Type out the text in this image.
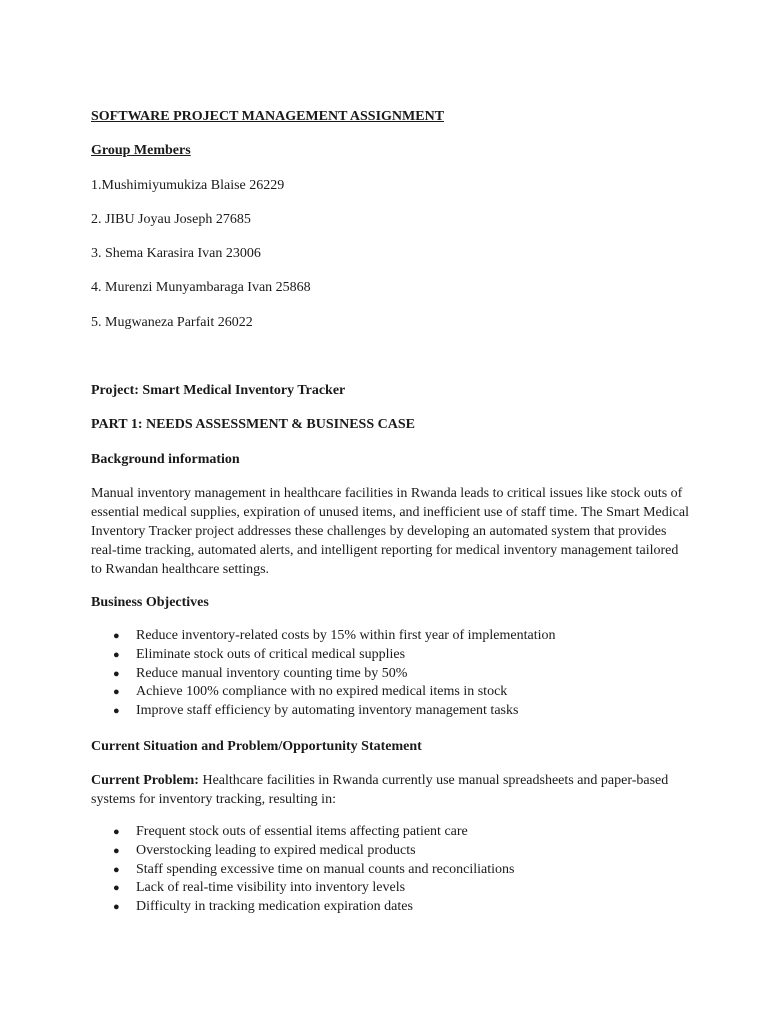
SOFTWARE PROJECT MANAGEMENT ASSIGNMENT

Group Members

1.Mushimiyumukiza Blaise 26229

2. JIBU Joyau Joseph 27685

3. Shema Karasira Ivan 23006

4. Murenzi Munyambaraga Ivan 25868

5. Mugwaneza Parfait 26022

Project: Smart Medical Inventory Tracker

PART 1: NEEDS ASSESSMENT & BUSINESS CASE

Background information

Manual inventory management in healthcare facilities in Rwanda leads to critical issues like stock outs of essential medical supplies, expiration of unused items, and inefficient use of staff time. The Smart Medical Inventory Tracker project addresses these challenges by developing an automated system that provides real-time tracking, automated alerts, and intelligent reporting for medical inventory management tailored to Rwandan healthcare settings.

Business Objectives

● Reduce inventory-related costs by 15% within first year of implementation
● Eliminate stock outs of critical medical supplies
● Reduce manual inventory counting time by 50%
● Achieve 100% compliance with no expired medical items in stock
● Improve staff efficiency by automating inventory management tasks

Current Situation and Problem/Opportunity Statement

Current Problem: Healthcare facilities in Rwanda currently use manual spreadsheets and paper-based systems for inventory tracking, resulting in:

● Frequent stock outs of essential items affecting patient care
● Overstocking leading to expired medical products
● Staff spending excessive time on manual counts and reconciliations
● Lack of real-time visibility into inventory levels
● Difficulty in tracking medication expiration dates
